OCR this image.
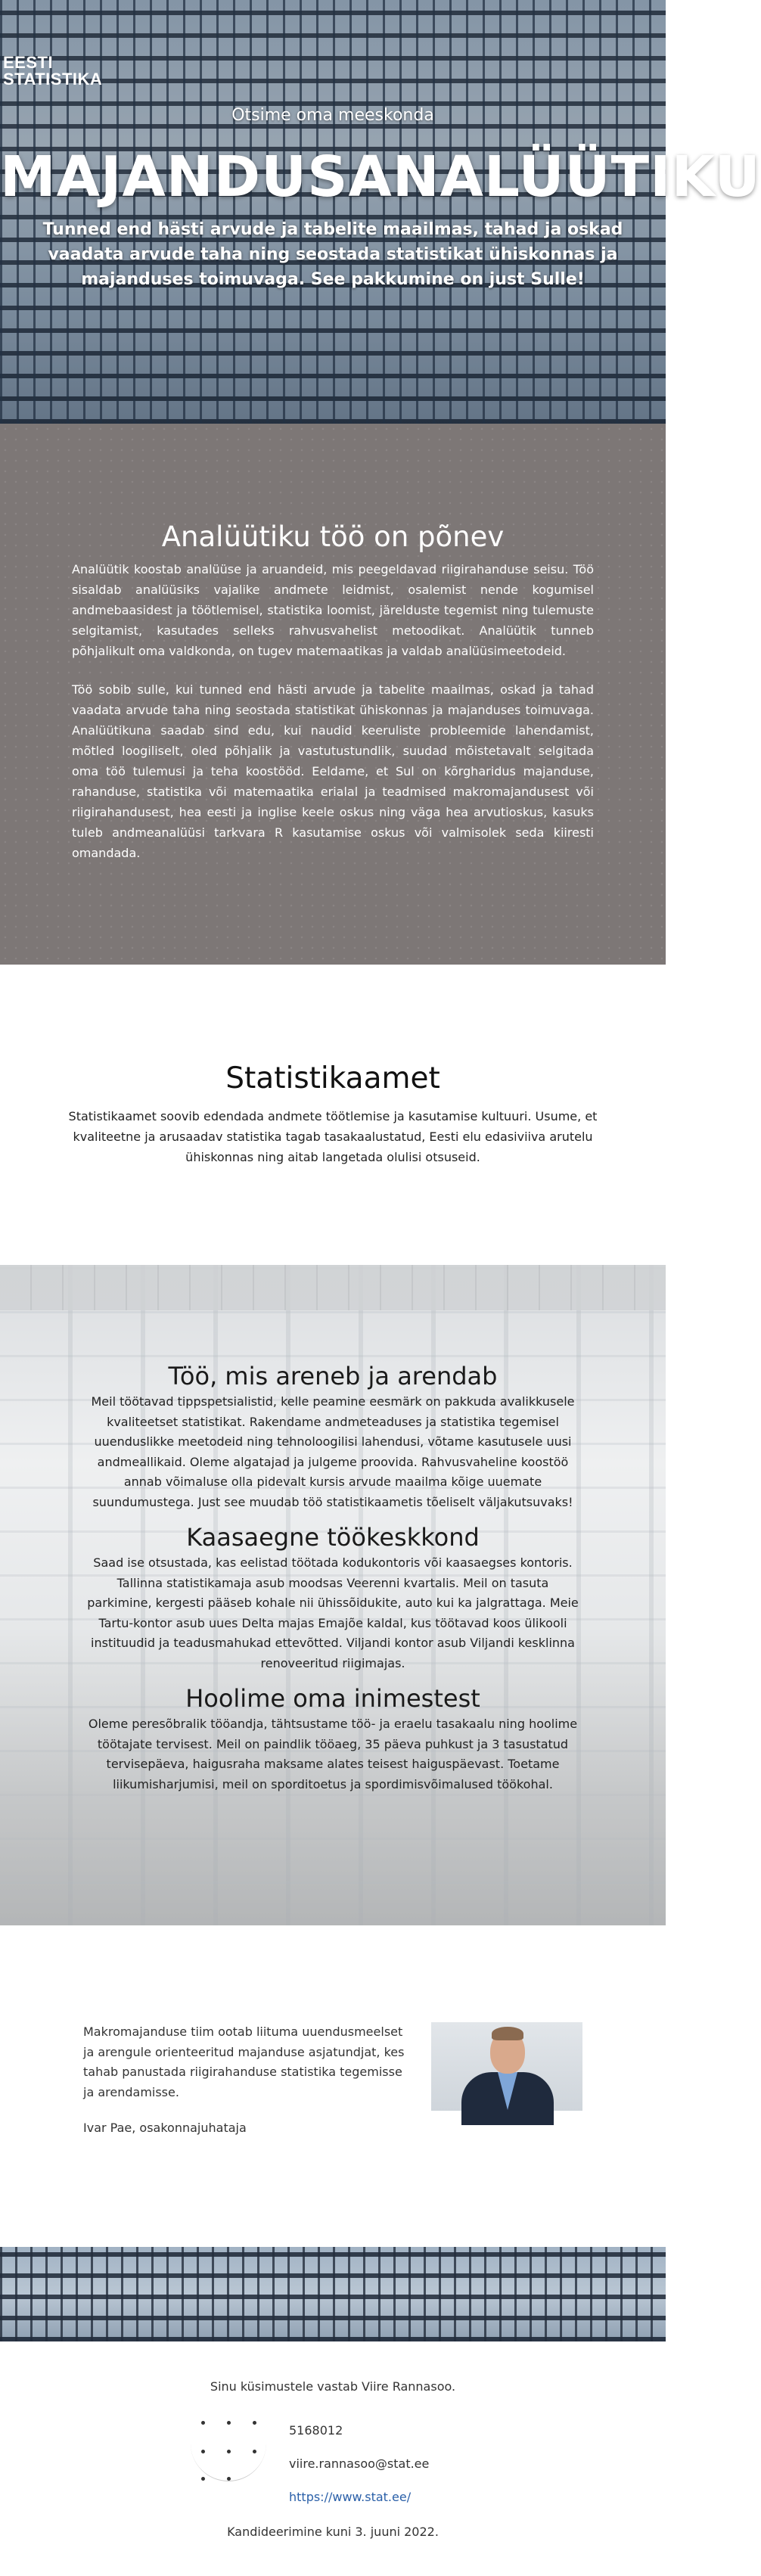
EESTI
STATISTIKA
Otsime oma meeskonda
MAJANDUSANALÜÜTIKU
Tunned end hästi arvude ja tabelite maailmas, tahad ja oskad vaadata arvude taha ning seostada statistikat ühiskonnas ja majanduses toimuvaga. See pakkumine on just Sulle!
Analüütiku töö on põnev

Analüütik koostab analüüse ja aruandeid, mis peegeldavad riigirahanduse seisu. Töö sisaldab analüüsiks vajalike andmete leidmist, osalemist nende kogumisel andmebaasidest ja töötlemisel, statistika loomist, järelduste tegemist ning tulemuste selgitamist, kasutades selleks rahvusvahelist metoodikat. Analüütik tunneb põhjalikult oma valdkonda, on tugev matemaatikas ja valdab analüüsimeetodeid.

Töö sobib sulle, kui tunned end hästi arvude ja tabelite maailmas, oskad ja tahad vaadata arvude taha ning seostada statistikat ühiskonnas ja majanduses toimuvaga. Analüütikuna saadab sind edu, kui naudid keeruliste probleemide lahendamist, mõtled loogiliselt, oled põhjalik ja vastutustundlik, suudad mõistetavalt selgitada oma töö tulemusi ja teha koostööd. Eeldame, et Sul on kõrgharidus majanduse, rahanduse, statistika või matemaatika erialal ja teadmised makromajandusest või riigirahandusest, hea eesti ja inglise keele oskus ning väga hea arvutioskus, kasuks tuleb andmeanalüüsi tarkvara R kasutamise oskus või valmisolek seda kiiresti omandada.

Statistikaamet

Statistikaamet soovib edendada andmete töötlemise ja kasutamise kultuuri. Usume, et kvaliteetne ja arusaadav statistika tagab tasakaalustatud, Eesti elu edasiviiva arutelu ühiskonnas ning aitab langetada olulisi otsuseid.

Töö, mis areneb ja arendab

Meil töötavad tippspetsialistid, kelle peamine eesmärk on pakkuda avalikkusele kvaliteetset statistikat. Rakendame andmeteaduses ja statistika tegemisel uuenduslikke meetodeid ning tehnoloogilisi lahendusi, võtame kasutusele uusi andmeallikaid. Oleme algatajad ja julgeme proovida. Rahvusvaheline koostöö annab võimaluse olla pidevalt kursis arvude maailma kõige uuemate suundumustega. Just see muudab töö statistikaametis tõeliselt väljakutsuvaks!

Kaasaegne töökeskkond

Saad ise otsustada, kas eelistad töötada kodukontoris või kaasaegses kontoris. Tallinna statistikamaja asub moodsas Veerenni kvartalis. Meil on tasuta parkimine, kergesti pääseb kohale nii ühissõidukite, auto kui ka jalgrattaga. Meie Tartu-kontor asub uues Delta majas Emajõe kaldal, kus töötavad koos ülikooli instituudid ja teadusmahukad ettevõtted. Viljandi kontor asub Viljandi kesklinna renoveeritud riigimajas.

Hoolime oma inimestest

Oleme peresõbralik tööandja, tähtsustame töö- ja eraelu tasakaalu ning hoolime töötajate tervisest. Meil on paindlik tööaeg, 35 päeva puhkust ja 3 tasustatud tervisepäeva, haigusraha maksame alates teisest haiguspäevast. Toetame liikumisharjumisi, meil on sporditoetus ja spordimisvõimalused töökohal.

Makromajanduse tiim ootab liituma uuendusmeelset ja arengule orienteeritud majanduse asjatundjat, kes tahab panustada riigirahanduse statistika tegemisse ja arendamisse.
Ivar Pae, osakonnajuhataja
Sinu küsimustele vastab Viire Rannasoo.
5168012
viire.rannasoo@stat.ee
https://www.stat.ee/
Kandideerimine kuni 3. juuni 2022.
